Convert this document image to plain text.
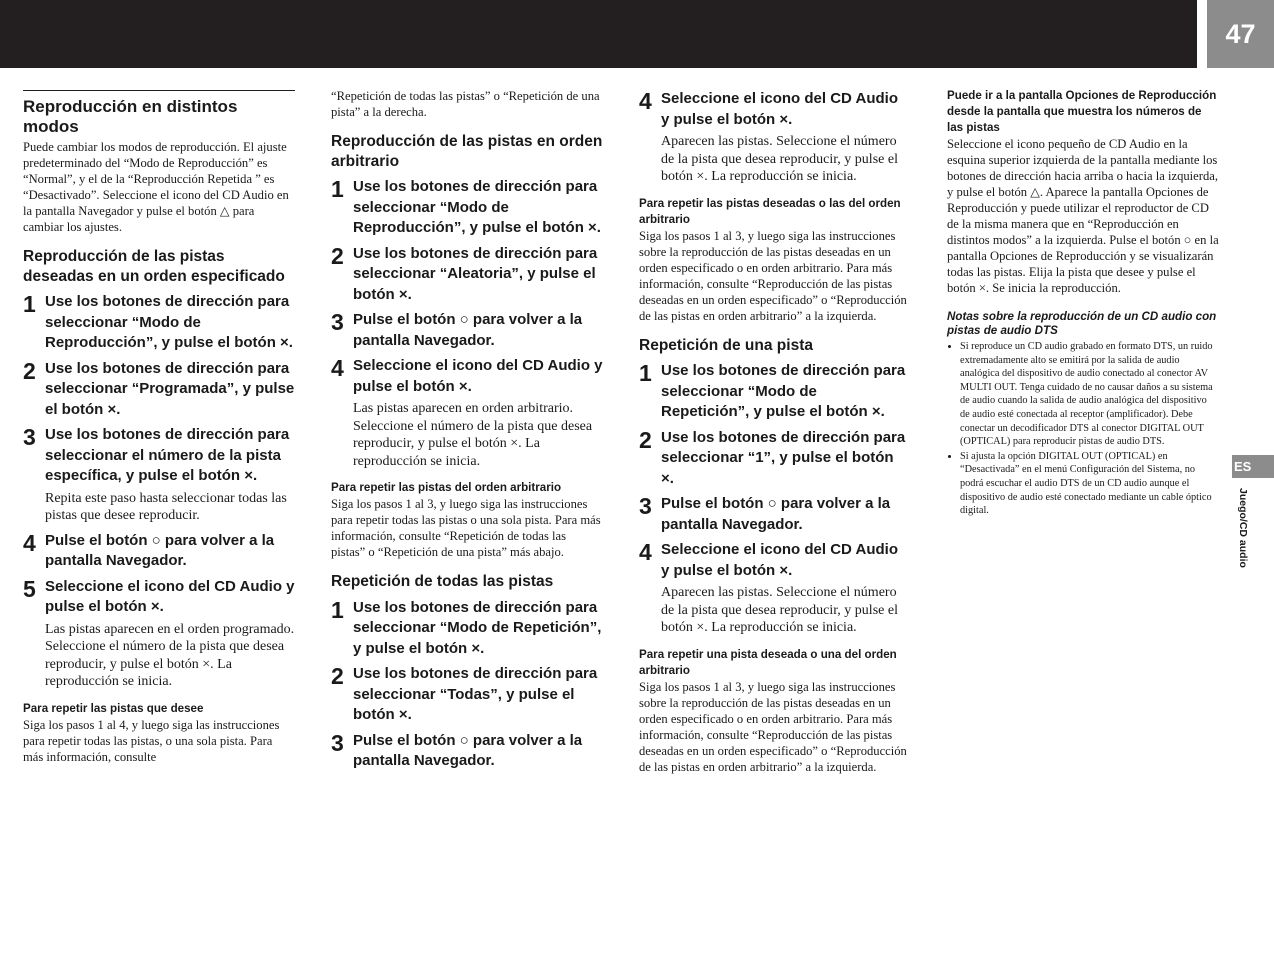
47
Reproducción en distintos modos

Puede cambiar los modos de reproducción. El ajuste predeterminado del “Modo de Reproducción” es “Normal”, y el de la “Reproducción Repetida ” es “Desactivado”. Seleccione el icono del CD Audio en la pantalla Navegador y pulse el botón △ para cambiar los ajustes.

Reproducción de las pistas deseadas en un orden especificado
1 Use los botones de dirección para seleccionar “Modo de Reproducción”, y pulse el botón ×.
2 Use los botones de dirección para seleccionar “Programada”, y pulse el botón ×.
3 Use los botones de dirección para seleccionar el número de la pista específica, y pulse el botón ×.

Repita este paso hasta seleccionar todas las pistas que desee reproducir.

4 Pulse el botón ○ para volver a la pantalla Navegador.
5 Seleccione el icono del CD Audio y pulse el botón ×.

Las pistas aparecen en el orden programado. Seleccione el número de la pista que desea reproducir, y pulse el botón ×. La reproducción se inicia.

Para repetir las pistas que desee

Siga los pasos 1 al 4, y luego siga las instrucciones para repetir todas las pistas, o una sola pista. Para más información, consulte

“Repetición de todas las pistas” o “Repetición de una pista” a la derecha.

Reproducción de las pistas en orden arbitrario
1 Use los botones de dirección para seleccionar “Modo de Reproducción”, y pulse el botón ×.
2 Use los botones de dirección para seleccionar “Aleatoria”, y pulse el botón ×.
3 Pulse el botón ○ para volver a la pantalla Navegador.
4 Seleccione el icono del CD Audio y pulse el botón ×.

Las pistas aparecen en orden arbitrario. Seleccione el número de la pista que desea reproducir, y pulse el botón ×. La reproducción se inicia.

Para repetir las pistas del orden arbitrario

Siga los pasos 1 al 3, y luego siga las instrucciones para repetir todas las pistas o una sola pista. Para más información, consulte “Repetición de todas las pistas” o “Repetición de una pista” más abajo.

Repetición de todas las pistas
1 Use los botones de dirección para seleccionar “Modo de Repetición”, y pulse el botón ×.
2 Use los botones de dirección para seleccionar “Todas”, y pulse el botón ×.
3 Pulse el botón ○ para volver a la pantalla Navegador.
4 Seleccione el icono del CD Audio y pulse el botón ×.

Aparecen las pistas. Seleccione el número de la pista que desea reproducir, y pulse el botón ×. La reproducción se inicia.

Para repetir las pistas deseadas o las del orden arbitrario

Siga los pasos 1 al 3, y luego siga las instrucciones sobre la reproducción de las pistas deseadas en un orden especificado o en orden arbitrario. Para más información, consulte “Reproducción de las pistas deseadas en un orden especificado” o “Reproducción de las pistas en orden arbitrario” a la izquierda.

Repetición de una pista
1 Use los botones de dirección para seleccionar “Modo de Repetición”, y pulse el botón ×.
2 Use los botones de dirección para seleccionar “1”, y pulse el botón ×.
3 Pulse el botón ○ para volver a la pantalla Navegador.
4 Seleccione el icono del CD Audio y pulse el botón ×.

Aparecen las pistas. Seleccione el número de la pista que desea reproducir, y pulse el botón ×. La reproducción se inicia.

Para repetir una pista deseada o una del orden arbitrario

Siga los pasos 1 al 3, y luego siga las instrucciones sobre la reproducción de las pistas deseadas en un orden especificado o en orden arbitrario. Para más información, consulte “Reproducción de las pistas deseadas en un orden especificado” o “Reproducción de las pistas en orden arbitrario” a la izquierda.

Puede ir a la pantalla Opciones de Reproducción desde la pantalla que muestra los números de las pistas

Seleccione el icono pequeño de CD Audio en la esquina superior izquierda de la pantalla mediante los botones de dirección hacia arriba o hacia la izquierda, y pulse el botón △. Aparece la pantalla Opciones de Reproducción y puede utilizar el reproductor de CD de la misma manera que en “Reproducción en distintos modos” a la izquierda. Pulse el botón ○ en la pantalla Opciones de Reproducción y se visualizarán todas las pistas. Elija la pista que desee y pulse el botón ×. Se inicia la reproducción.

Notas sobre la reproducción de un CD audio con pistas de audio DTS
• Si reproduce un CD audio grabado en formato DTS, un ruido extremadamente alto se emitirá por la salida de audio analógica del dispositivo de audio conectado al conector AV MULTI OUT. Tenga cuidado de no causar daños a su sistema de audio cuando la salida de audio analógica del dispositivo de audio esté conectada al receptor (amplificador). Debe conectar un decodificador DTS al conector DIGITAL OUT (OPTICAL) para reproducir pistas de audio DTS.
• Si ajusta la opción DIGITAL OUT (OPTICAL) en “Desactivada” en el menú Configuración del Sistema, no podrá escuchar el audio DTS de un CD audio aunque el dispositivo de audio esté conectado mediante un cable óptico digital.
ES
Juego/CD audio
